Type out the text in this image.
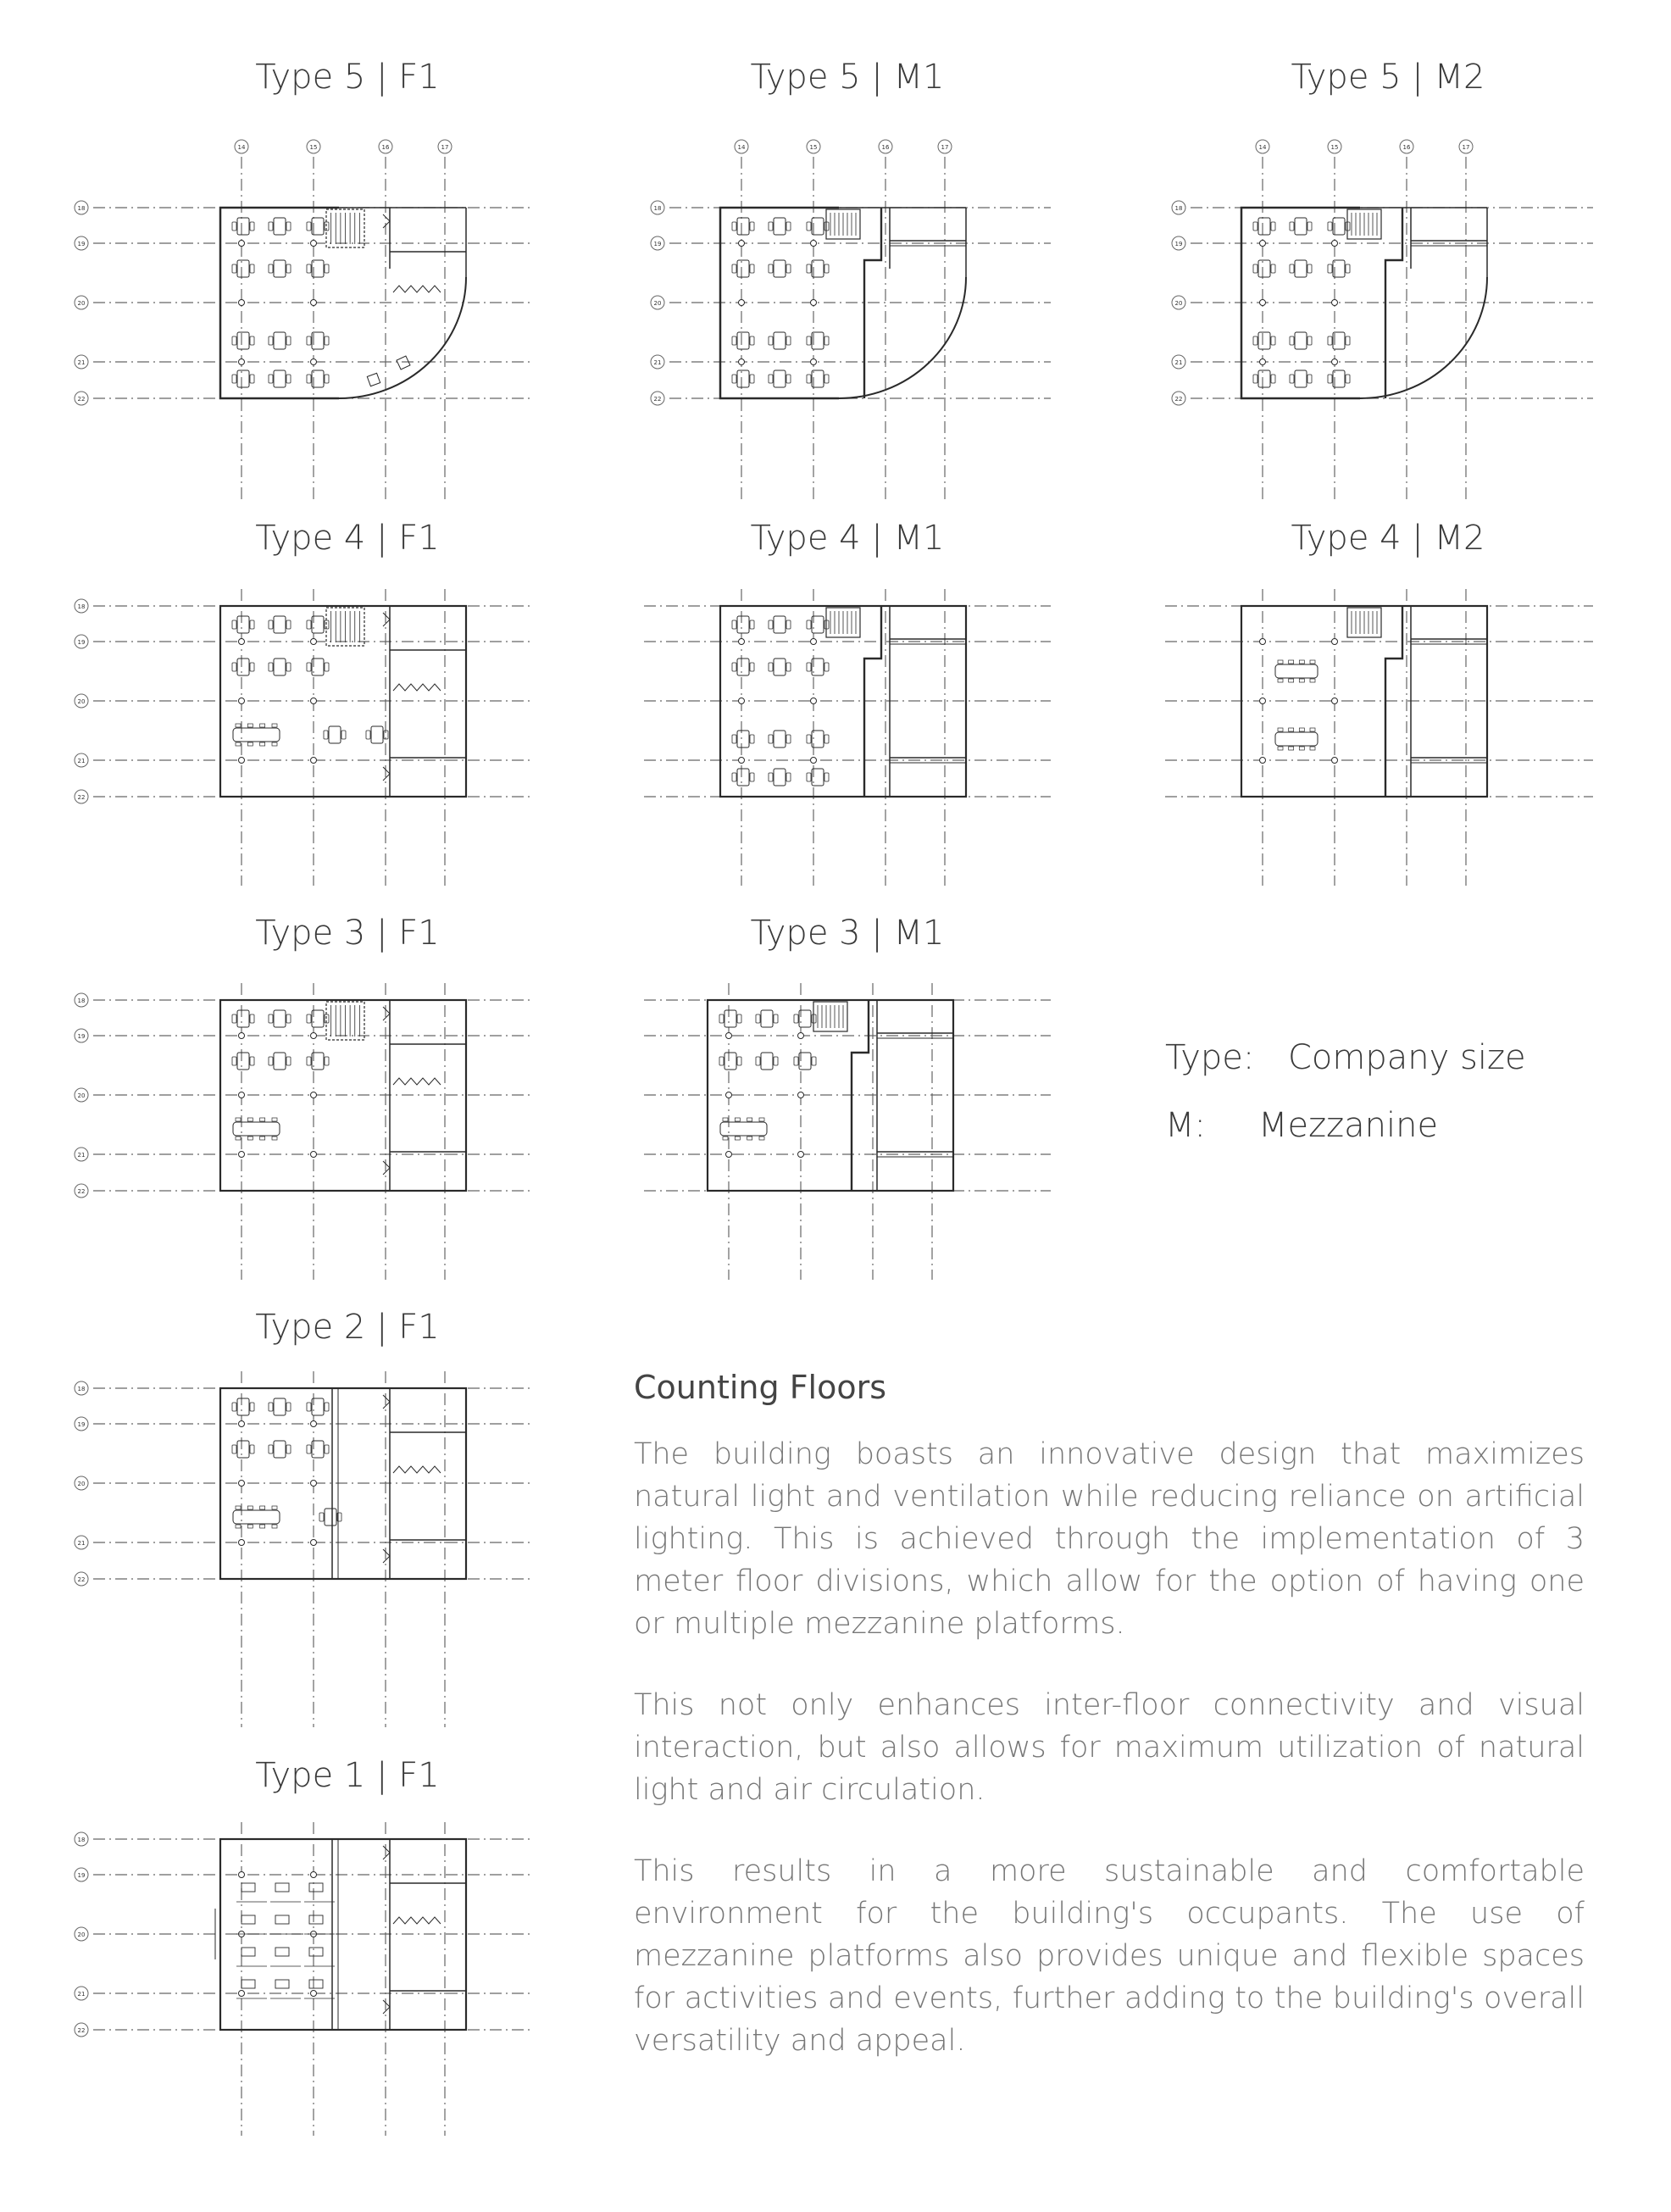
Type 5 | F1	Type 5 | M1	Type 5 | M2
Type 4 | F1	Type 4 | M1	Type 4 | M2
Type 3 | F1	Type 3 | M1
Type 2 | F1
Type 1 | F1
14	15	16	17
18
19
20
21
22
14	15	16	17
18
19
20
21
22
14	15	16	17
18
19
20
21
22
18
19
20
21
22
18
19
20
21
22
18
19
20
21
22
18
19
20
21
22
Type: Company size
M:	Mezzanine
Counting Floors

The building boasts an innovative design that maximizes natural light and ventilation while reducing reliance on artificial lighting. This is achieved through the implementation of 3 meter floor divisions, which allow for the option of having one or multiple mezzanine platforms.

This not only enhances inter-floor connectivity and visual interaction, but also allows for maximum utilization of natural light and air circulation.

This results in a more sustainable and comfortable environment for the building's occupants. The use of mezzanine platforms also provides unique and flexible spaces for activities and events, further adding to the building's overall versatility and appeal.
